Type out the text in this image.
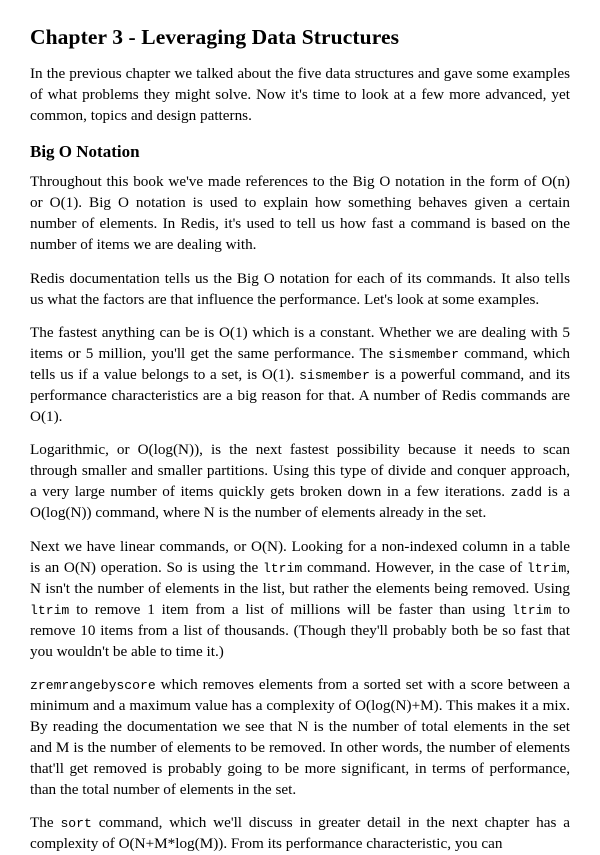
Chapter 3 - Leveraging Data Structures

In the previous chapter we talked about the five data structures and gave some examples of what problems they might solve. Now it's time to look at a few more advanced, yet common, topics and design patterns.

Big O Notation

Throughout this book we've made references to the Big O notation in the form of O(n) or O(1). Big O notation is used to explain how something behaves given a certain number of elements. In Redis, it's used to tell us how fast a command is based on the number of items we are dealing with.

Redis documentation tells us the Big O notation for each of its commands. It also tells us what the factors are that influence the performance. Let's look at some examples.

The fastest anything can be is O(1) which is a constant. Whether we are dealing with 5 items or 5 million, you'll get the same performance. The sismember command, which tells us if a value belongs to a set, is O(1). sismember is a powerful command, and its performance characteristics are a big reason for that. A number of Redis commands are O(1).

Logarithmic, or O(log(N)), is the next fastest possibility because it needs to scan through smaller and smaller partitions. Using this type of divide and conquer approach, a very large number of items quickly gets broken down in a few iterations. zadd is a O(log(N)) command, where N is the number of elements already in the set.

Next we have linear commands, or O(N). Looking for a non-indexed column in a table is an O(N) operation. So is using the ltrim command. However, in the case of ltrim, N isn't the number of elements in the list, but rather the elements being removed. Using ltrim to remove 1 item from a list of millions will be faster than using ltrim to remove 10 items from a list of thousands. (Though they'll probably both be so fast that you wouldn't be able to time it.)

zremrangebyscore which removes elements from a sorted set with a score between a minimum and a maximum value has a complexity of O(log(N)+M). This makes it a mix. By reading the documentation we see that N is the number of total elements in the set and M is the number of elements to be removed. In other words, the number of elements that'll get removed is probably going to be more significant, in terms of performance, than the total number of elements in the set.

The sort command, which we'll discuss in greater detail in the next chapter has a complexity of O(N+M*log(M)). From its performance characteristic, you can
